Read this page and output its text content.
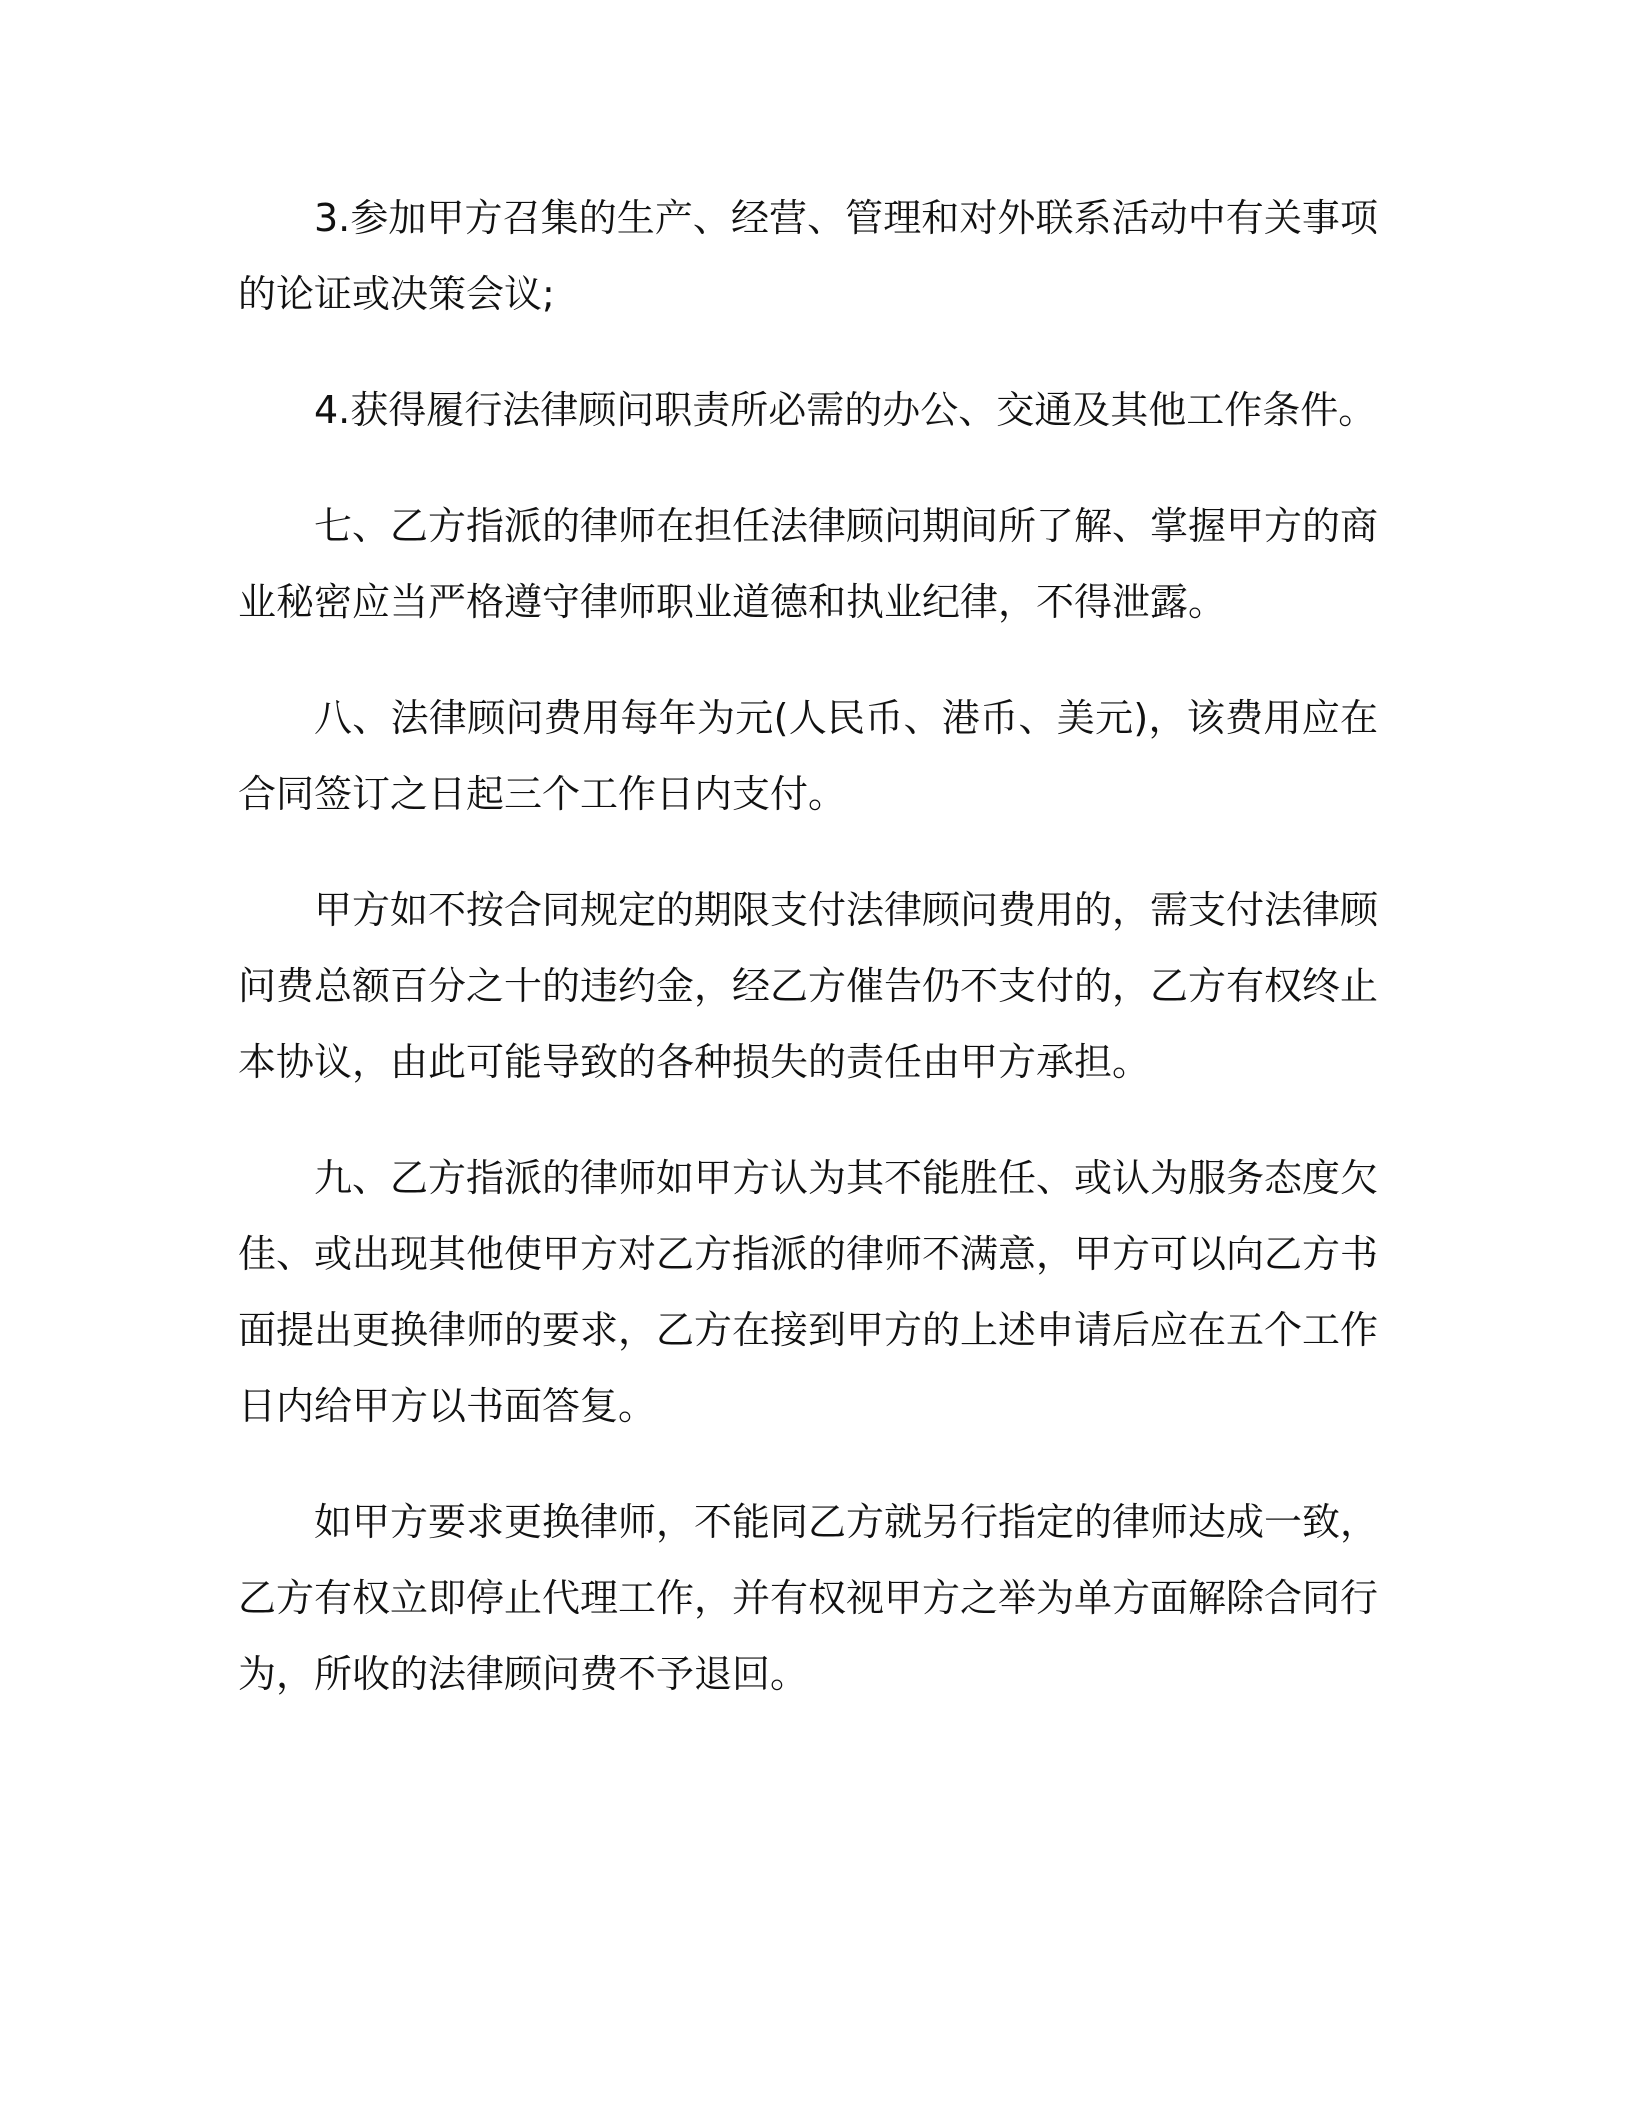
3.参加甲方召集的生产、经营、管理和对外联系活动中有关事项的论证或决策会议;

4.获得履行法律顾问职责所必需的办公、交通及其他工作条件。

七、乙方指派的律师在担任法律顾问期间所了解、掌握甲方的商业秘密应当严格遵守律师职业道德和执业纪律，不得泄露。

八、法律顾问费用每年为元(人民币、港币、美元)，该费用应在合同签订之日起三个工作日内支付。

甲方如不按合同规定的期限支付法律顾问费用的，需支付法律顾问费总额百分之十的违约金，经乙方催告仍不支付的，乙方有权终止本协议，由此可能导致的各种损失的责任由甲方承担。

九、乙方指派的律师如甲方认为其不能胜任、或认为服务态度欠佳、或出现其他使甲方对乙方指派的律师不满意，甲方可以向乙方书面提出更换律师的要求，乙方在接到甲方的上述申请后应在五个工作日内给甲方以书面答复。

如甲方要求更换律师，不能同乙方就另行指定的律师达成一致，乙方有权立即停止代理工作，并有权视甲方之举为单方面解除合同行为，所收的法律顾问费不予退回。
